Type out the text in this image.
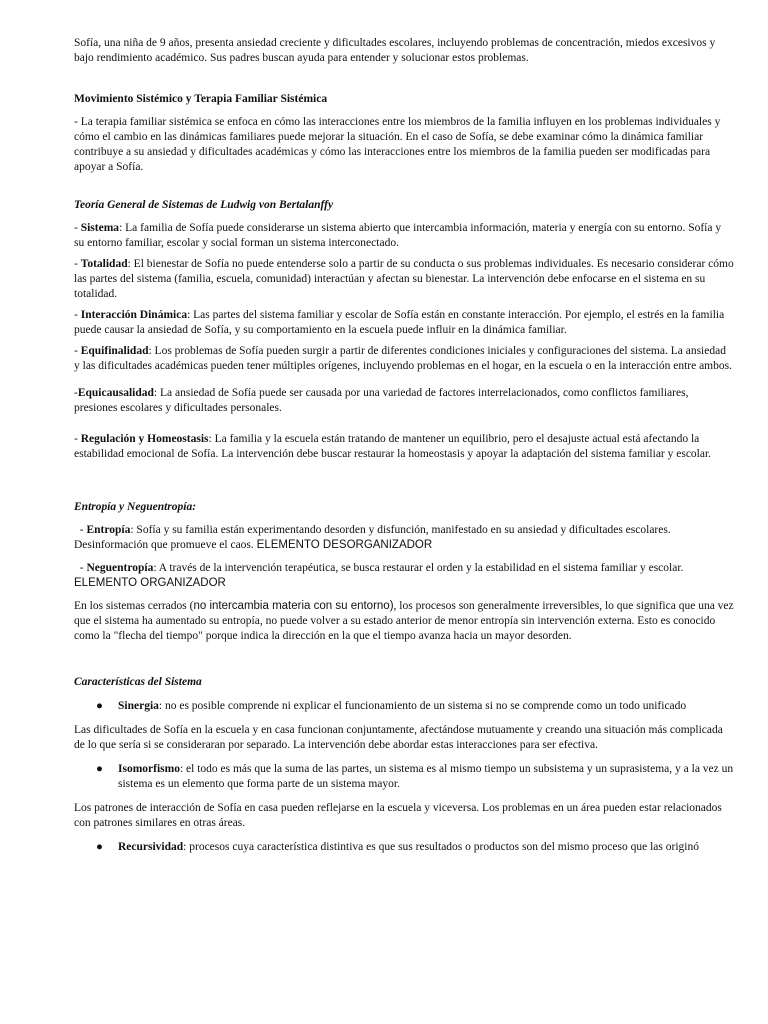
Sofía, una niña de 9 años, presenta ansiedad creciente y dificultades escolares, incluyendo problemas de concentración, miedos excesivos y bajo rendimiento académico. Sus padres buscan ayuda para entender y solucionar estos problemas.

Movimiento Sistémico y Terapia Familiar Sistémica

- La terapia familiar sistémica se enfoca en cómo las interacciones entre los miembros de la familia influyen en los problemas individuales y cómo el cambio en las dinámicas familiares puede mejorar la situación. En el caso de Sofía, se debe examinar cómo la dinámica familiar contribuye a su ansiedad y dificultades académicas y cómo las interacciones entre los miembros de la familia pueden ser modificadas para apoyar a Sofía.

Teoría General de Sistemas de Ludwig von Bertalanffy

- Sistema: La familia de Sofía puede considerarse un sistema abierto que intercambia información, materia y energía con su entorno. Sofía y su entorno familiar, escolar y social forman un sistema interconectado.

- Totalidad: El bienestar de Sofía no puede entenderse solo a partir de su conducta o sus problemas individuales. Es necesario considerar cómo las partes del sistema (familia, escuela, comunidad) interactúan y afectan su bienestar. La intervención debe enfocarse en el sistema en su totalidad.

- Interacción Dinámica: Las partes del sistema familiar y escolar de Sofía están en constante interacción. Por ejemplo, el estrés en la familia puede causar la ansiedad de Sofía, y su comportamiento en la escuela puede influir en la dinámica familiar.

- Equifinalidad: Los problemas de Sofía pueden surgir a partir de diferentes condiciones iniciales y configuraciones del sistema. La ansiedad y las dificultades académicas pueden tener múltiples orígenes, incluyendo problemas en el hogar, en la escuela o en la interacción entre ambos.

-Equicausalidad: La ansiedad de Sofía puede ser causada por una variedad de factores interrelacionados, como conflictos familiares, presiones escolares y dificultades personales.

- Regulación y Homeostasis: La familia y la escuela están tratando de mantener un equilibrio, pero el desajuste actual está afectando la estabilidad emocional de Sofía. La intervención debe buscar restaurar la homeostasis y apoyar la adaptación del sistema familiar y escolar.

Entropía y Neguentropía:

- Entropía: Sofía y su familia están experimentando desorden y disfunción, manifestado en su ansiedad y dificultades escolares. Desinformación que promueve el caos. ELEMENTO DESORGANIZADOR

- Neguentropía: A través de la intervención terapéutica, se busca restaurar el orden y la estabilidad en el sistema familiar y escolar. ELEMENTO ORGANIZADOR

En los sistemas cerrados (no intercambia materia con su entorno), los procesos son generalmente irreversibles, lo que significa que una vez que el sistema ha aumentado su entropía, no puede volver a su estado anterior de menor entropía sin intervención externa. Esto es conocido como la "flecha del tiempo" porque indica la dirección en la que el tiempo avanza hacia un mayor desorden.

Características del Sistema

● Sinergia: no es posible comprende ni explicar el funcionamiento de un sistema si no se comprende como un todo unificado

Las dificultades de Sofía en la escuela y en casa funcionan conjuntamente, afectándose mutuamente y creando una situación más complicada de lo que sería si se consideraran por separado. La intervención debe abordar estas interacciones para ser efectiva.

● Isomorfismo: el todo es más que la suma de las partes, un sistema es al mismo tiempo un subsistema y un suprasistema, y a la vez un sistema es un elemento que forma parte de un sistema mayor.

Los patrones de interacción de Sofía en casa pueden reflejarse en la escuela y viceversa. Los problemas en un área pueden estar relacionados con patrones similares en otras áreas.

● Recursividad: procesos cuya característica distintiva es que sus resultados o productos son del mismo proceso que las originó
